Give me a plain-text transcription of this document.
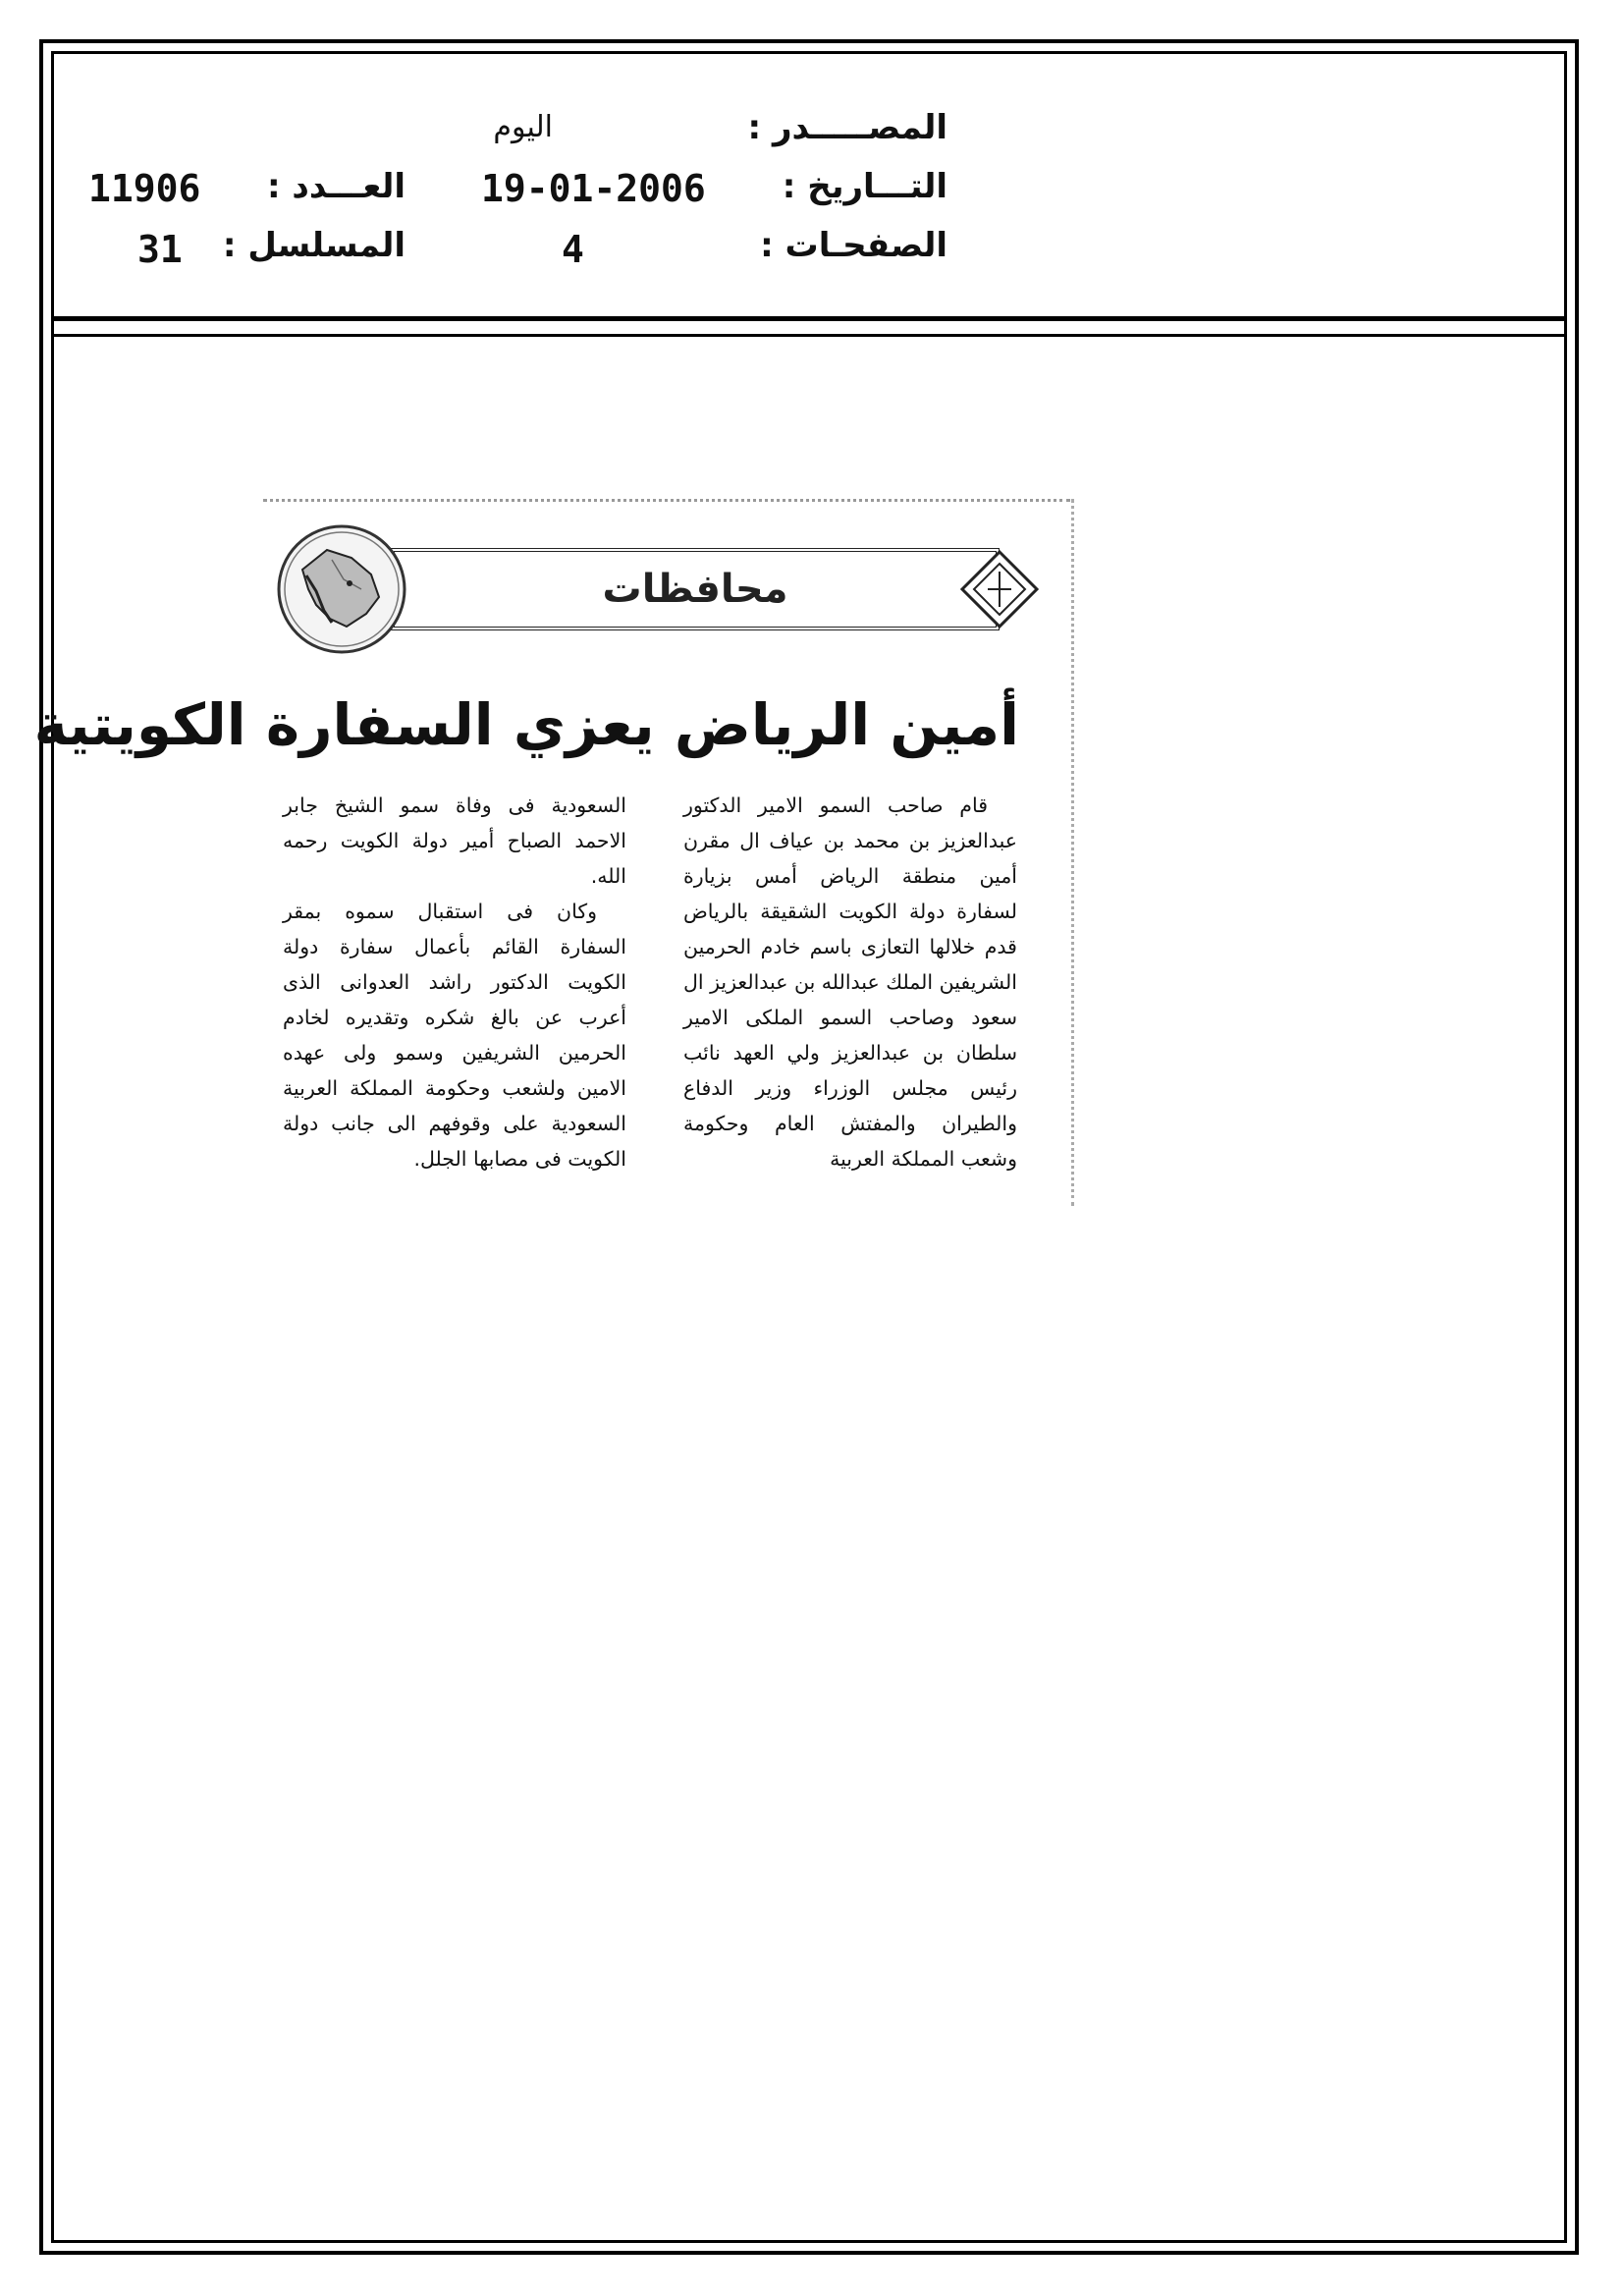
المصـــــدر :
اليوم
التـــاريخ :
19-01-2006
الصفحـات :
4
العـــدد :
11906
المسلسل :
31
محافظات
أمين الرياض يعزي السفارة الكويتية

قام صاحب السمو الامير الدكتور عبدالعزيز بن محمد بن عياف ال مقرن أمين منطقة الرياض أمس بزيارة لسفارة دولة الكويت الشقيقة بالرياض قدم خلالها التعازى باسم خادم الحرمين الشريفين الملك عبدالله بن عبدالعزيز ال سعود وصاحب السمو الملكى الامير سلطان بن عبدالعزيز ولي العهد نائب رئيس مجلس الوزراء وزير الدفاع والطيران والمفتش العام وحكومة وشعب المملكة العربية

السعودية فى وفاة سمو الشيخ جابر الاحمد الصباح أمير دولة الكويت رحمه الله.

وكان فى استقبال سموه بمقر السفارة القائم بأعمال سفارة دولة الكويت الدكتور راشد العدوانى الذى أعرب عن بالغ شكره وتقديره لخادم الحرمين الشريفين وسمو ولى عهده الامين ولشعب وحكومة المملكة العربية السعودية على وقوفهم الى جانب دولة الكويت فى مصابها الجلل.
